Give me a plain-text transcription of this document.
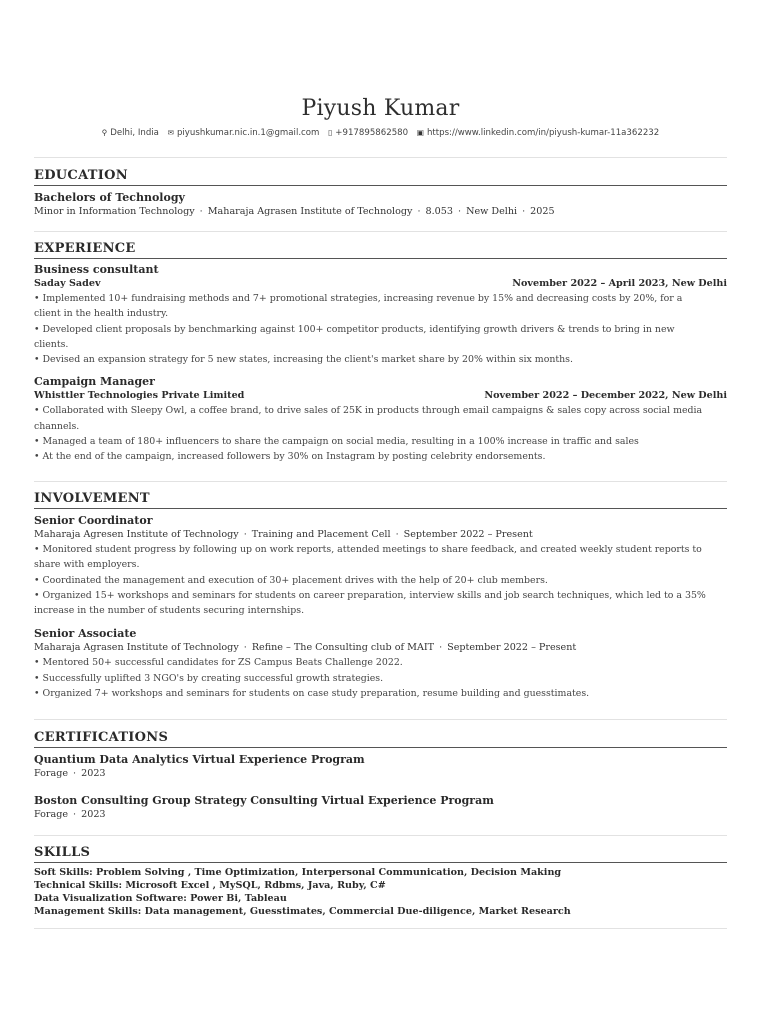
Piyush Kumar
⚲ Delhi, India ✉ piyushkumar.nic.in.1@gmail.com ▯ +917895862580 ▣ https://www.linkedin.com/in/piyush-kumar-11a362232
EDUCATION
Bachelors of Technology
Minor in Information Technology · Maharaja Agrasen Institute of Technology · 8.053 · New Delhi · 2025
EXPERIENCE
Business consultant
Saday Sadev	November 2022 – April 2023, New Delhi
• Implemented 10+ fundraising methods and 7+ promotional strategies, increasing revenue by 15% and decreasing costs by 20%, for a
client in the health industry.
• Developed client proposals by benchmarking against 100+ competitor products, identifying growth drivers & trends to bring in new
clients.
• Devised an expansion strategy for 5 new states, increasing the client's market share by 20% within six months.
Campaign Manager
Whisttler Technologies Private Limited	November 2022 – December 2022, New Delhi
• Collaborated with Sleepy Owl, a coffee brand, to drive sales of 25K in products through email campaigns & sales copy across social media
channels.
• Managed a team of 180+ influencers to share the campaign on social media, resulting in a 100% increase in traffic and sales
• At the end of the campaign, increased followers by 30% on Instagram by posting celebrity endorsements.
INVOLVEMENT
Senior Coordinator
Maharaja Agresen Institute of Technology · Training and Placement Cell · September 2022 – Present
• Monitored student progress by following up on work reports, attended meetings to share feedback, and created weekly student reports to
share with employers.
• Coordinated the management and execution of 30+ placement drives with the help of 20+ club members.
• Organized 15+ workshops and seminars for students on career preparation, interview skills and job search techniques, which led to a 35%
increase in the number of students securing internships.
Senior Associate
Maharaja Agrasen Institute of Technology · Refine – The Consulting club of MAIT · September 2022 – Present
• Mentored 50+ successful candidates for ZS Campus Beats Challenge 2022.
• Successfully uplifted 3 NGO's by creating successful growth strategies.
• Organized 7+ workshops and seminars for students on case study preparation, resume building and guesstimates.
CERTIFICATIONS
Quantium Data Analytics Virtual Experience Program
Forage · 2023
Boston Consulting Group Strategy Consulting Virtual Experience Program
Forage · 2023
SKILLS
Soft Skills: Problem Solving , Time Optimization, Interpersonal Communication, Decision Making
Technical Skills: Microsoft Excel , MySQL, Rdbms, Java, Ruby, C#
Data Visualization Software: Power Bi, Tableau
Management Skills: Data management, Guesstimates, Commercial Due-diligence, Market Research
